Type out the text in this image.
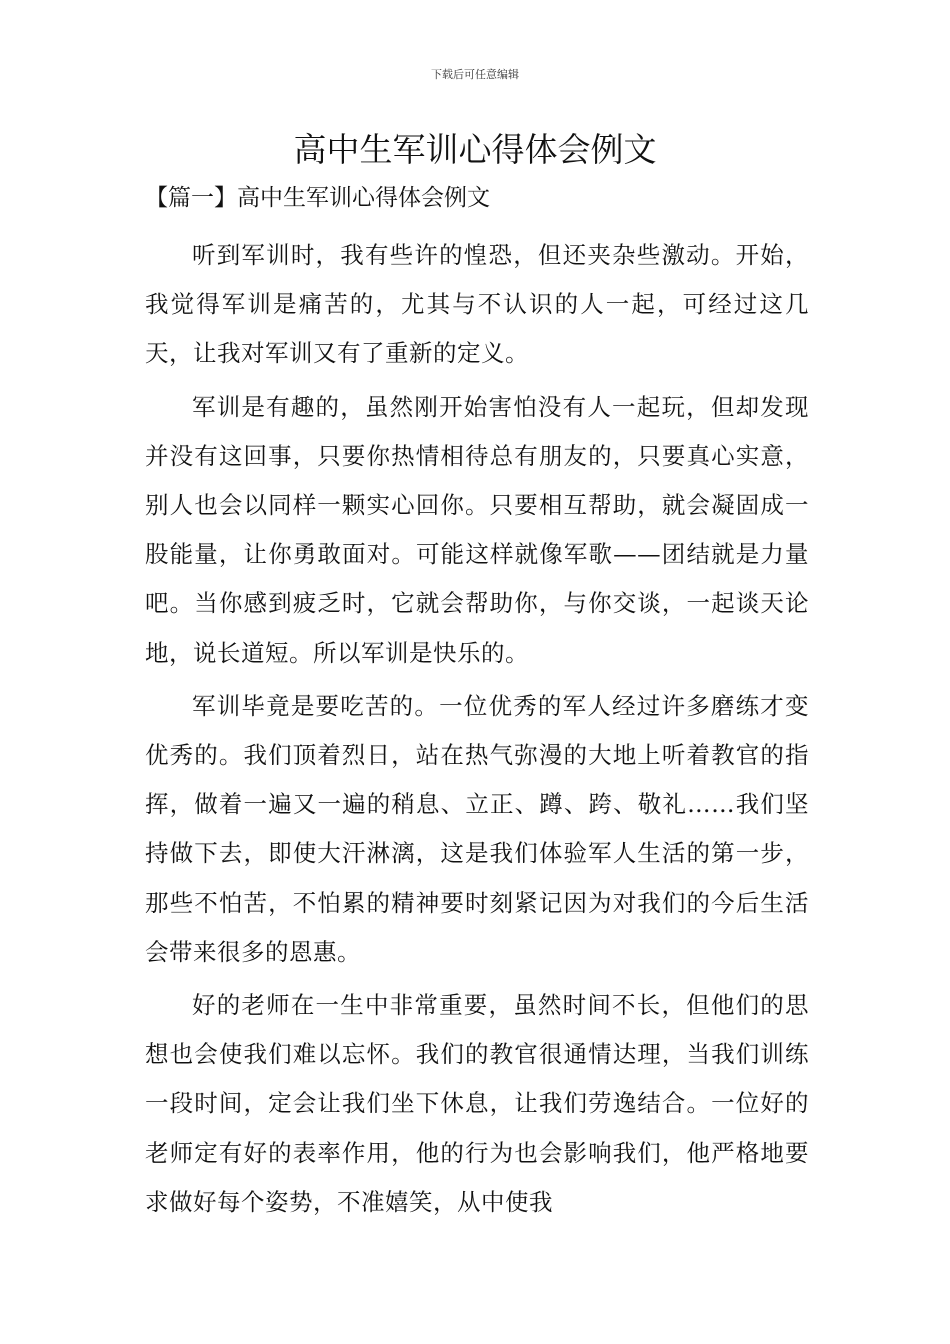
下载后可任意编辑
高中生军训心得体会例文
【篇一】高中生军训心得体会例文

听到军训时，我有些许的惶恐，但还夹杂些激动。开始，我觉得军训是痛苦的，尤其与不认识的人一起，可经过这几天，让我对军训又有了重新的定义。

军训是有趣的，虽然刚开始害怕没有人一起玩，但却发现并没有这回事，只要你热情相待总有朋友的，只要真心实意，别人也会以同样一颗实心回你。只要相互帮助，就会凝固成一股能量，让你勇敢面对。可能这样就像军歌——团结就是力量吧。当你感到疲乏时，它就会帮助你，与你交谈，一起谈天论地，说长道短。所以军训是快乐的。

军训毕竟是要吃苦的。一位优秀的军人经过许多磨练才变优秀的。我们顶着烈日，站在热气弥漫的大地上听着教官的指挥，做着一遍又一遍的稍息、立正、蹲、跨、敬礼……我们坚持做下去，即使大汗淋漓，这是我们体验军人生活的第一步，那些不怕苦，不怕累的精神要时刻紧记因为对我们的今后生活会带来很多的恩惠。

好的老师在一生中非常重要，虽然时间不长，但他们的思想也会使我们难以忘怀。我们的教官很通情达理，当我们训练一段时间，定会让我们坐下休息，让我们劳逸结合。一位好的老师定有好的表率作用，他的行为也会影响我们，他严格地要求做好每个姿势，不准嬉笑，从中使我
